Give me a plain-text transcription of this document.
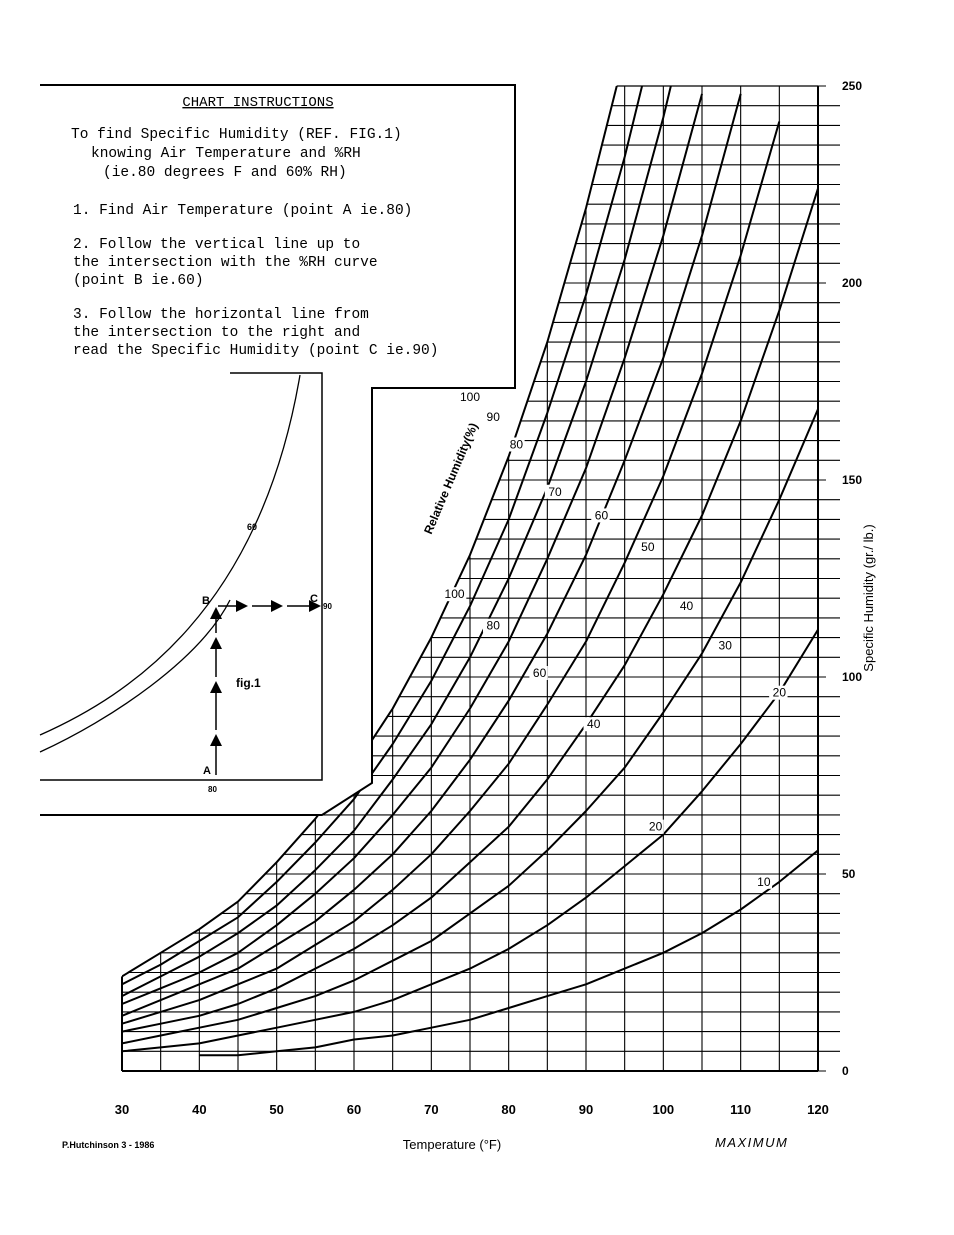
CHART INSTRUCTIONS
To find Specific Humidity (REF. FIG.1) knowing Air Temperature and %RH (ie.80 degrees F and 60% RH)
1. Find Air Temperature (point A ie.80)
2. Follow the vertical line up to the intersection with the %RH curve (point B ie.60)
3. Follow the horizontal line from the intersection to the right and read the Specific Humidity (point C ie.90)
60
B	C
90
A
80
fig.1
30	40	50	60	70	80	90	100	110	120
0
50
100
150
200
250
100
90
80
70
60
50
40
30
20
10
100
80
60
40
20
Relative Humidity(%)
Specific Humidity (gr./ lb.)
Temperature (°F)
P.Hutchinson 3 - 1986	MAXIMUM
